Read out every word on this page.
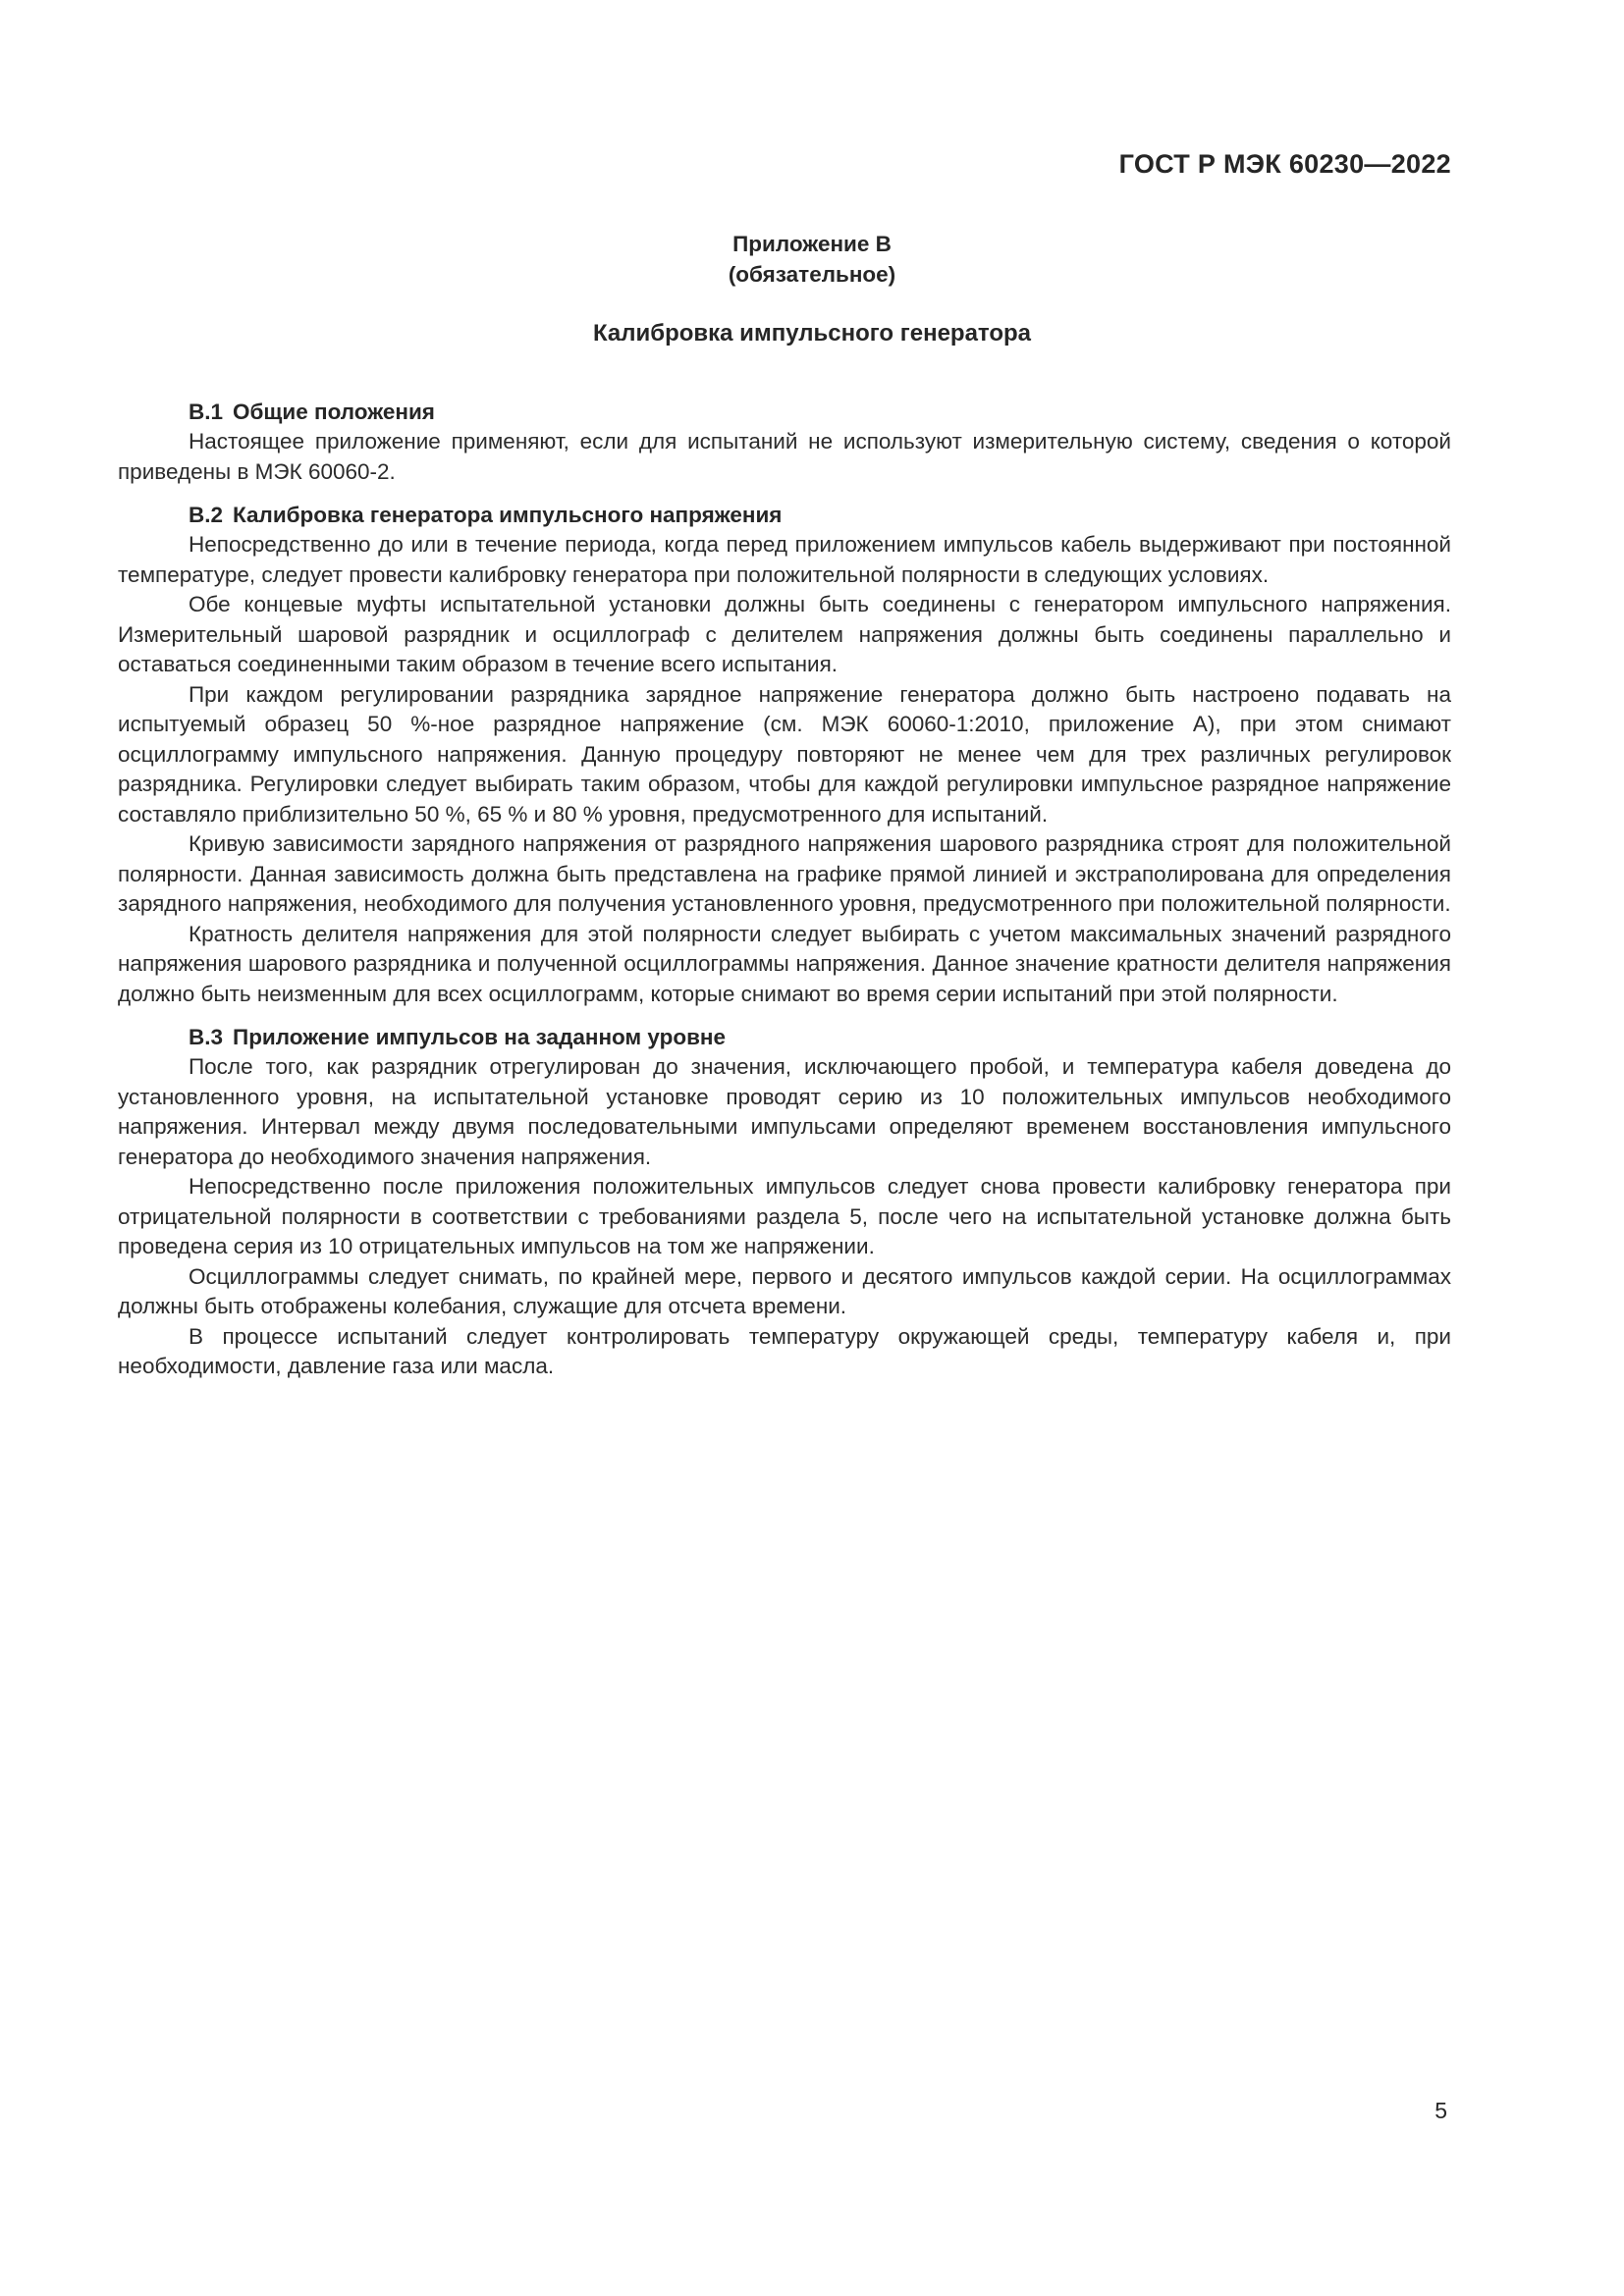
ГОСТ Р МЭК 60230—2022
Приложение В
(обязательное)
Калибровка импульсного генератора
В.1 Общие положения

Настоящее приложение применяют, если для испытаний не используют измерительную систему, сведения о которой приведены в МЭК 60060-2.

В.2 Калибровка генератора импульсного напряжения

Непосредственно до или в течение периода, когда перед приложением импульсов кабель выдерживают при постоянной температуре, следует провести калибровку генератора при положительной полярности в следующих условиях.

Обе концевые муфты испытательной установки должны быть соединены с генератором импульсного напряжения. Измерительный шаровой разрядник и осциллограф с делителем напряжения должны быть соединены параллельно и оставаться соединенными таким образом в течение всего испытания.

При каждом регулировании разрядника зарядное напряжение генератора должно быть настроено подавать на испытуемый образец 50 %-ное разрядное напряжение (см. МЭК 60060-1:2010, приложение А), при этом снимают осциллограмму импульсного напряжения. Данную процедуру повторяют не менее чем для трех различных регулировок разрядника. Регулировки следует выбирать таким образом, чтобы для каждой регулировки импульсное разрядное напряжение составляло приблизительно 50 %, 65 % и 80 % уровня, предусмотренного для испытаний.

Кривую зависимости зарядного напряжения от разрядного напряжения шарового разрядника строят для положительной полярности. Данная зависимость должна быть представлена на графике прямой линией и экстраполирована для определения зарядного напряжения, необходимого для получения установленного уровня, предусмотренного при положительной полярности.

Кратность делителя напряжения для этой полярности следует выбирать с учетом максимальных значений разрядного напряжения шарового разрядника и полученной осциллограммы напряжения. Данное значение кратности делителя напряжения должно быть неизменным для всех осциллограмм, которые снимают во время серии испытаний при этой полярности.

В.3 Приложение импульсов на заданном уровне

После того, как разрядник отрегулирован до значения, исключающего пробой, и температура кабеля доведена до установленного уровня, на испытательной установке проводят серию из 10 положительных импульсов необходимого напряжения. Интервал между двумя последовательными импульсами определяют временем восстановления импульсного генератора до необходимого значения напряжения.

Непосредственно после приложения положительных импульсов следует снова провести калибровку генератора при отрицательной полярности в соответствии с требованиями раздела 5, после чего на испытательной установке должна быть проведена серия из 10 отрицательных импульсов на том же напряжении.

Осциллограммы следует снимать, по крайней мере, первого и десятого импульсов каждой серии. На осциллограммах должны быть отображены колебания, служащие для отсчета времени.

В процессе испытаний следует контролировать температуру окружающей среды, температуру кабеля и, при необходимости, давление газа или масла.

5
